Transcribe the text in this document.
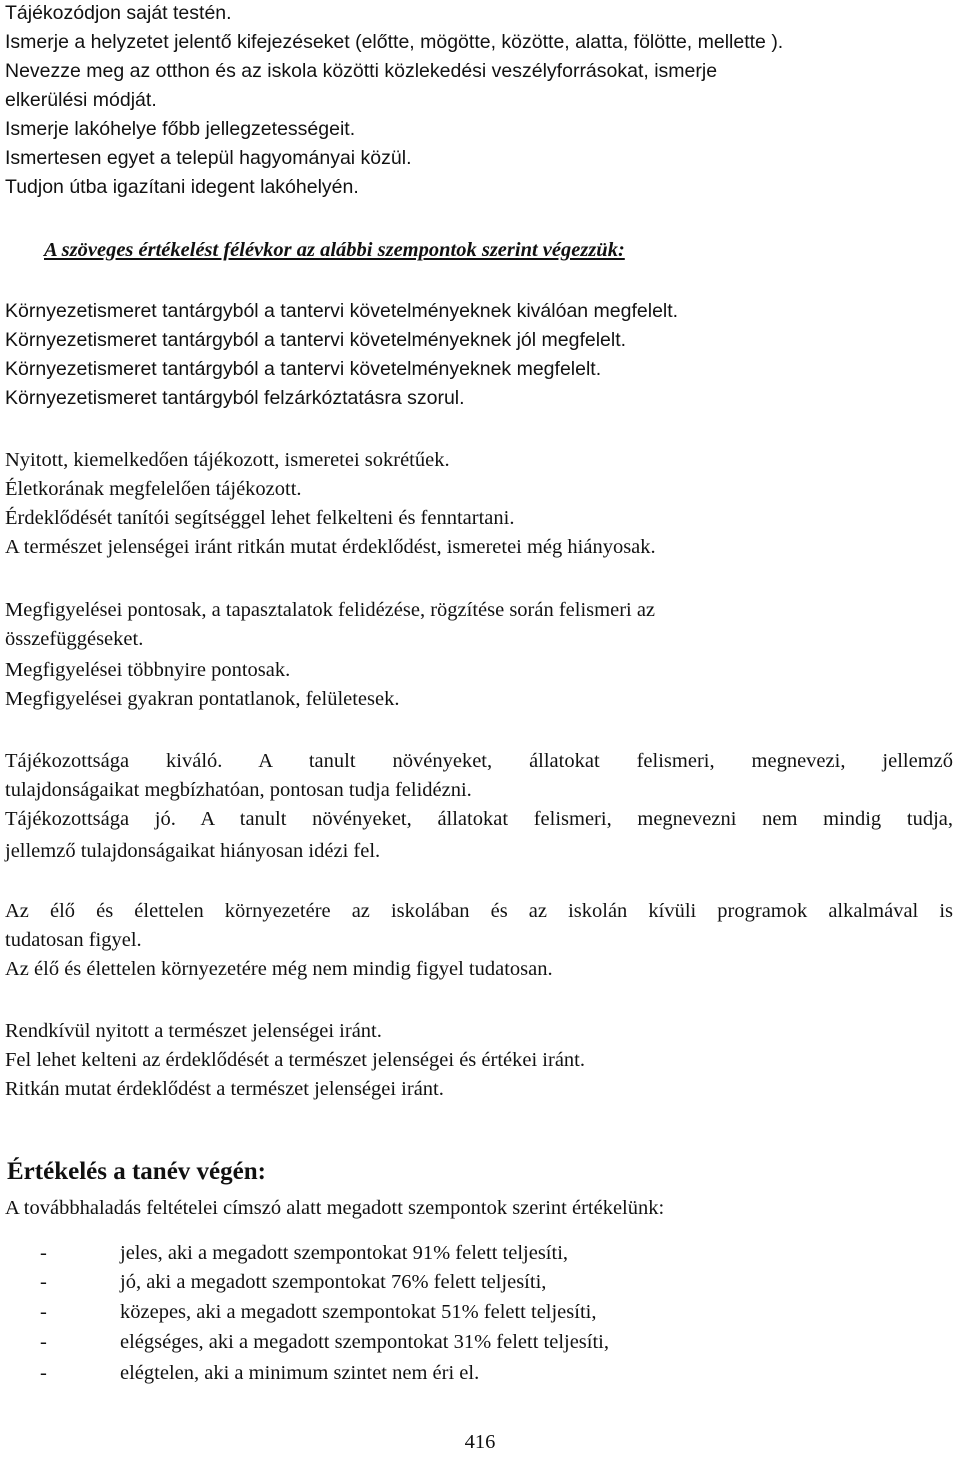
Tájékozódjon saját testén.
Ismerje a helyzetet jelentő kifejezéseket (előtte, mögötte, közötte, alatta, fölötte, mellette ).
Nevezze meg az otthon és az iskola közötti közlekedési veszélyforrásokat, ismerje
elkerülési módját.
Ismerje lakóhelye főbb jellegzetességeit.
Ismertesen egyet a települ hagyományai közül.
Tudjon útba igazítani idegent lakóhelyén.
A szöveges értékelést félévkor az alábbi szempontok szerint végezzük:
Környezetismeret tantárgyból a tantervi követelményeknek kiválóan megfelelt.
Környezetismeret tantárgyból a tantervi követelményeknek jól megfelelt.
Környezetismeret tantárgyból a tantervi követelményeknek megfelelt.
Környezetismeret tantárgyból felzárkóztatásra szorul.
Nyitott, kiemelkedően tájékozott, ismeretei sokrétűek.
Életkorának megfelelően tájékozott.
Érdeklődését tanítói segítséggel lehet felkelteni és fenntartani.
A természet jelenségei iránt ritkán mutat érdeklődést, ismeretei még hiányosak.
Megfigyelései pontosak, a tapasztalatok felidézése, rögzítése során felismeri az
összefüggéseket.
Megfigyelései többnyire pontosak.
Megfigyelései gyakran pontatlanok, felületesek.
Tájékozottsága kiváló. A tanult növényeket, állatokat felismeri, megnevezi, jellemző
tulajdonságaikat megbízhatóan, pontosan tudja felidézni.
Tájékozottsága jó. A tanult növényeket, állatokat felismeri, megnevezni nem mindig tudja,
jellemző tulajdonságaikat hiányosan idézi fel.
Az élő és élettelen környezetére az iskolában és az iskolán kívüli programok alkalmával is
tudatosan figyel.
Az élő és élettelen környezetére még nem mindig figyel tudatosan.
Rendkívül nyitott a természet jelenségei iránt.
Fel lehet kelteni az érdeklődését a természet jelenségei és értékei iránt.
Ritkán mutat érdeklődést a természet jelenségei iránt.
Értékelés a tanév végén:
A továbbhaladás feltételei címszó alatt megadott szempontok szerint értékelünk:
-	jeles, aki a megadott szempontokat 91% felett teljesíti,
-	jó, aki a megadott szempontokat 76% felett teljesíti,
-	közepes, aki a megadott szempontokat 51% felett teljesíti,
-	elégséges, aki a megadott szempontokat 31% felett teljesíti,
-	elégtelen, aki a minimum szintet nem éri el.
416
